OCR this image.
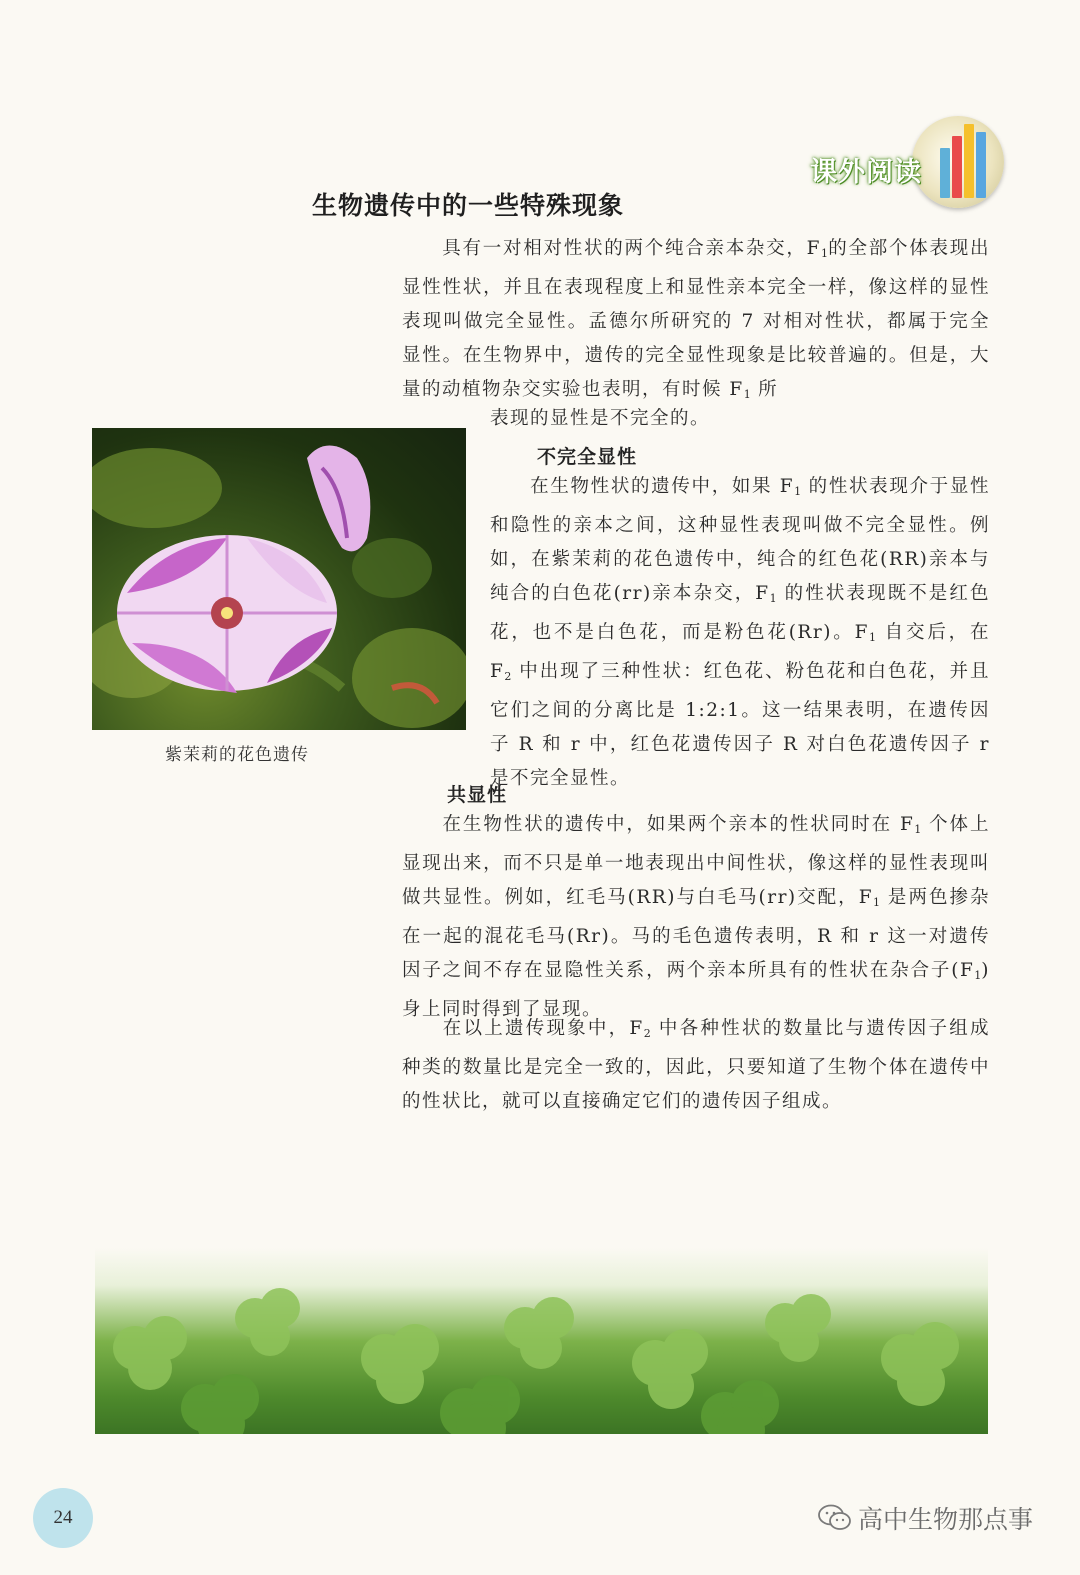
课外阅读
生物遗传中的一些特殊现象

具有一对相对性状的两个纯合亲本杂交，$F_1$的全部个体表现出显性性状，并且在表现程度上和显性亲本完全一样，像这样的显性表现叫做完全显性。孟德尔所研究的 7 对相对性状，都属于完全显性。在生物界中，遗传的完全显性现象是比较普遍的。但是，大量的动植物杂交实验也表明，有时候 $F_1$ 所

表现的显性是不完全的。

紫茉莉的花色遗传

不完全显性

在生物性状的遗传中，如果 $F_1$ 的性状表现介于显性和隐性的亲本之间，这种显性表现叫做不完全显性。例如，在紫茉莉的花色遗传中，纯合的红色花(RR)亲本与纯合的白色花(rr)亲本杂交，$F_1$ 的性状表现既不是红色花，也不是白色花，而是粉色花(Rr)。$F_1$ 自交后，在 $F_2$ 中出现了三种性状：红色花、粉色花和白色花，并且它们之间的分离比是 1:2:1。这一结果表明，在遗传因子 R 和 r 中，红色花遗传因子 R 对白色花遗传因子 r 是不完全显性。

共显性

在生物性状的遗传中，如果两个亲本的性状同时在 $F_1$ 个体上显现出来，而不只是单一地表现出中间性状，像这样的显性表现叫做共显性。例如，红毛马(RR)与白毛马(rr)交配，$F_1$ 是两色掺杂在一起的混花毛马(Rr)。马的毛色遗传表明，R 和 r 这一对遗传因子之间不存在显隐性关系，两个亲本所具有的性状在杂合子$(F_1)$身上同时得到了显现。

在以上遗传现象中，$F_2$ 中各种性状的数量比与遗传因子组成种类的数量比是完全一致的，因此，只要知道了生物个体在遗传中的性状比，就可以直接确定它们的遗传因子组成。

24	高中生物那点事
